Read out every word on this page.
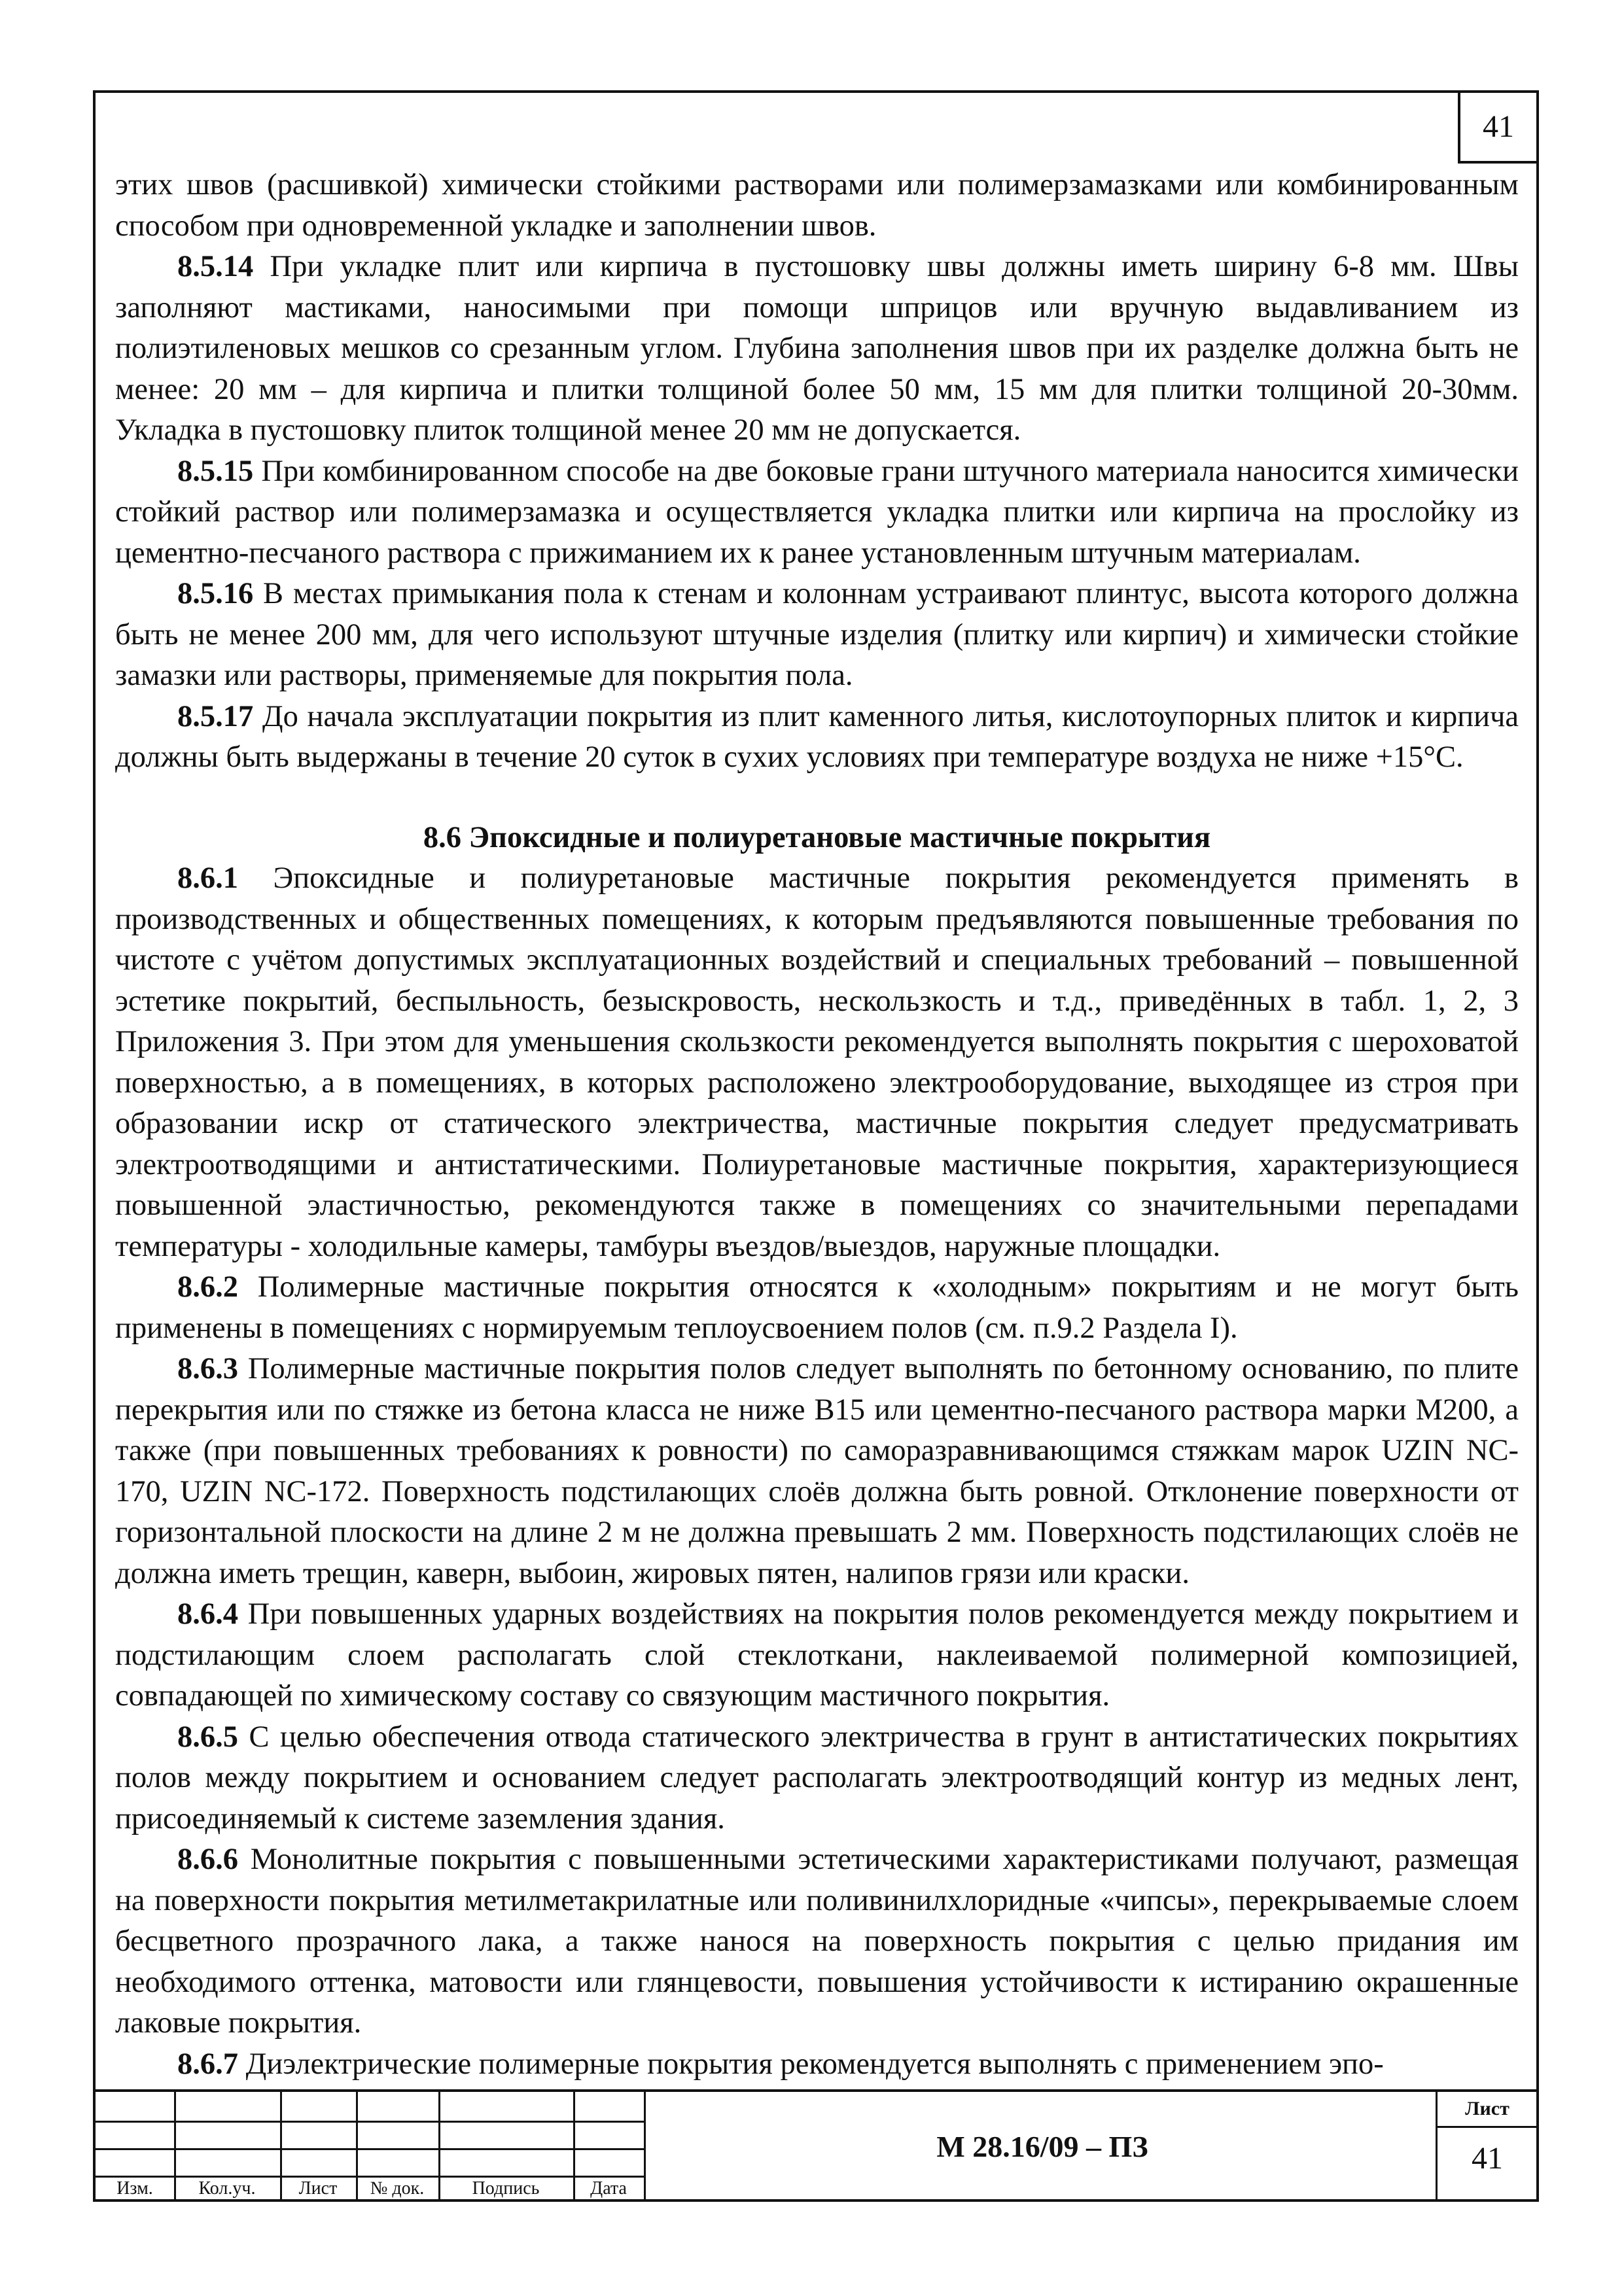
41

этих швов (расшивкой) химически стойкими растворами или полимерзамазками или комбинированным способом при одновременной укладке и заполнении швов.

8.5.14 При укладке плит или кирпича в пустошовку швы должны иметь ширину 6-8 мм. Швы заполняют мастиками, наносимыми при помощи шприцов или вручную выдавливанием из полиэтиленовых мешков со срезанным углом. Глубина заполнения швов при их разделке должна быть не менее: 20 мм – для кирпича и плитки толщиной более 50 мм, 15 мм для плитки толщиной 20-30мм. Укладка в пустошовку плиток толщиной менее 20 мм не допускается.

8.5.15 При комбинированном способе на две боковые грани штучного материала наносится химически стойкий раствор или полимерзамазка и осуществляется укладка плитки или кирпича на прослойку из цементно-песчаного раствора с прижиманием их к ранее установленным штучным материалам.

8.5.16 В местах примыкания пола к стенам и колоннам устраивают плинтус, высота которого должна быть не менее 200 мм, для чего используют штучные изделия (плитку или кирпич) и химически стойкие замазки или растворы, применяемые для покрытия пола.

8.5.17 До начала эксплуатации покрытия из плит каменного литья, кислотоупорных плиток и кирпича должны быть выдержаны в течение 20 суток в сухих условиях при температуре воздуха не ниже +15°С.

8.6 Эпоксидные и полиуретановые мастичные покрытия

8.6.1 Эпоксидные и полиуретановые мастичные покрытия рекомендуется применять в производственных и общественных помещениях, к которым предъявляются повышенные требования по чистоте с учётом допустимых эксплуатационных воздействий и специальных требований – повышенной эстетике покрытий, беспыльность, безыскровость, нескользкость и т.д., приведённых в табл. 1, 2, 3 Приложения 3. При этом для уменьшения скользкости рекомендуется выполнять покрытия с шероховатой поверхностью, а в помещениях, в которых расположено электрооборудование, выходящее из строя при образовании искр от статического электричества, мастичные покрытия следует предусматривать электроотводящими и антистатическими. Полиуретановые мастичные покрытия, характеризующиеся повышенной эластичностью, рекомендуются также в помещениях со значительными перепадами температуры - холодильные камеры, тамбуры въездов/выездов, наружные площадки.

8.6.2 Полимерные мастичные покрытия относятся к «холодным» покрытиям и не могут быть применены в помещениях с нормируемым теплоусвоением полов (см. п.9.2 Раздела I).

8.6.3 Полимерные мастичные покрытия полов следует выполнять по бетонному основанию, по плите перекрытия или по стяжке из бетона класса не ниже В15 или цементно-песчаного раствора марки М200, а также (при повышенных требованиях к ровности) по саморазравнивающимся стяжкам марок UZIN NC-170, UZIN NC-172. Поверхность подстилающих слоёв должна быть ровной. Отклонение поверхности от горизонтальной плоскости на длине 2 м не должна превышать 2 мм. Поверхность подстилающих слоёв не должна иметь трещин, каверн, выбоин, жировых пятен, налипов грязи или краски.

8.6.4 При повышенных ударных воздействиях на покрытия полов рекомендуется между покрытием и подстилающим слоем располагать слой стеклоткани, наклеиваемой полимерной композицией, совпадающей по химическому составу со связующим мастичного покрытия.

8.6.5 С целью обеспечения отвода статического электричества в грунт в антистатических покрытиях полов между покрытием и основанием следует располагать электроотводящий контур из медных лент, присоединяемый к системе заземления здания.

8.6.6 Монолитные покрытия с повышенными эстетическими характеристиками получают, размещая на поверхности покрытия метилметакрилатные или поливинилхлоридные «чипсы», перекрываемые слоем бесцветного прозрачного лака, а также нанося на поверхность покрытия с целью придания им необходимого оттенка, матовости или глянцевости, повышения устойчивости к истиранию окрашенные лаковые покрытия.

8.6.7 Диэлектрические полимерные покрытия рекомендуется выполнять с применением эпо-

Изм.	Кол.уч.	Лист	№ док.	Подпись	Дата
М 28.16/09 – ПЗ
Лист
41
